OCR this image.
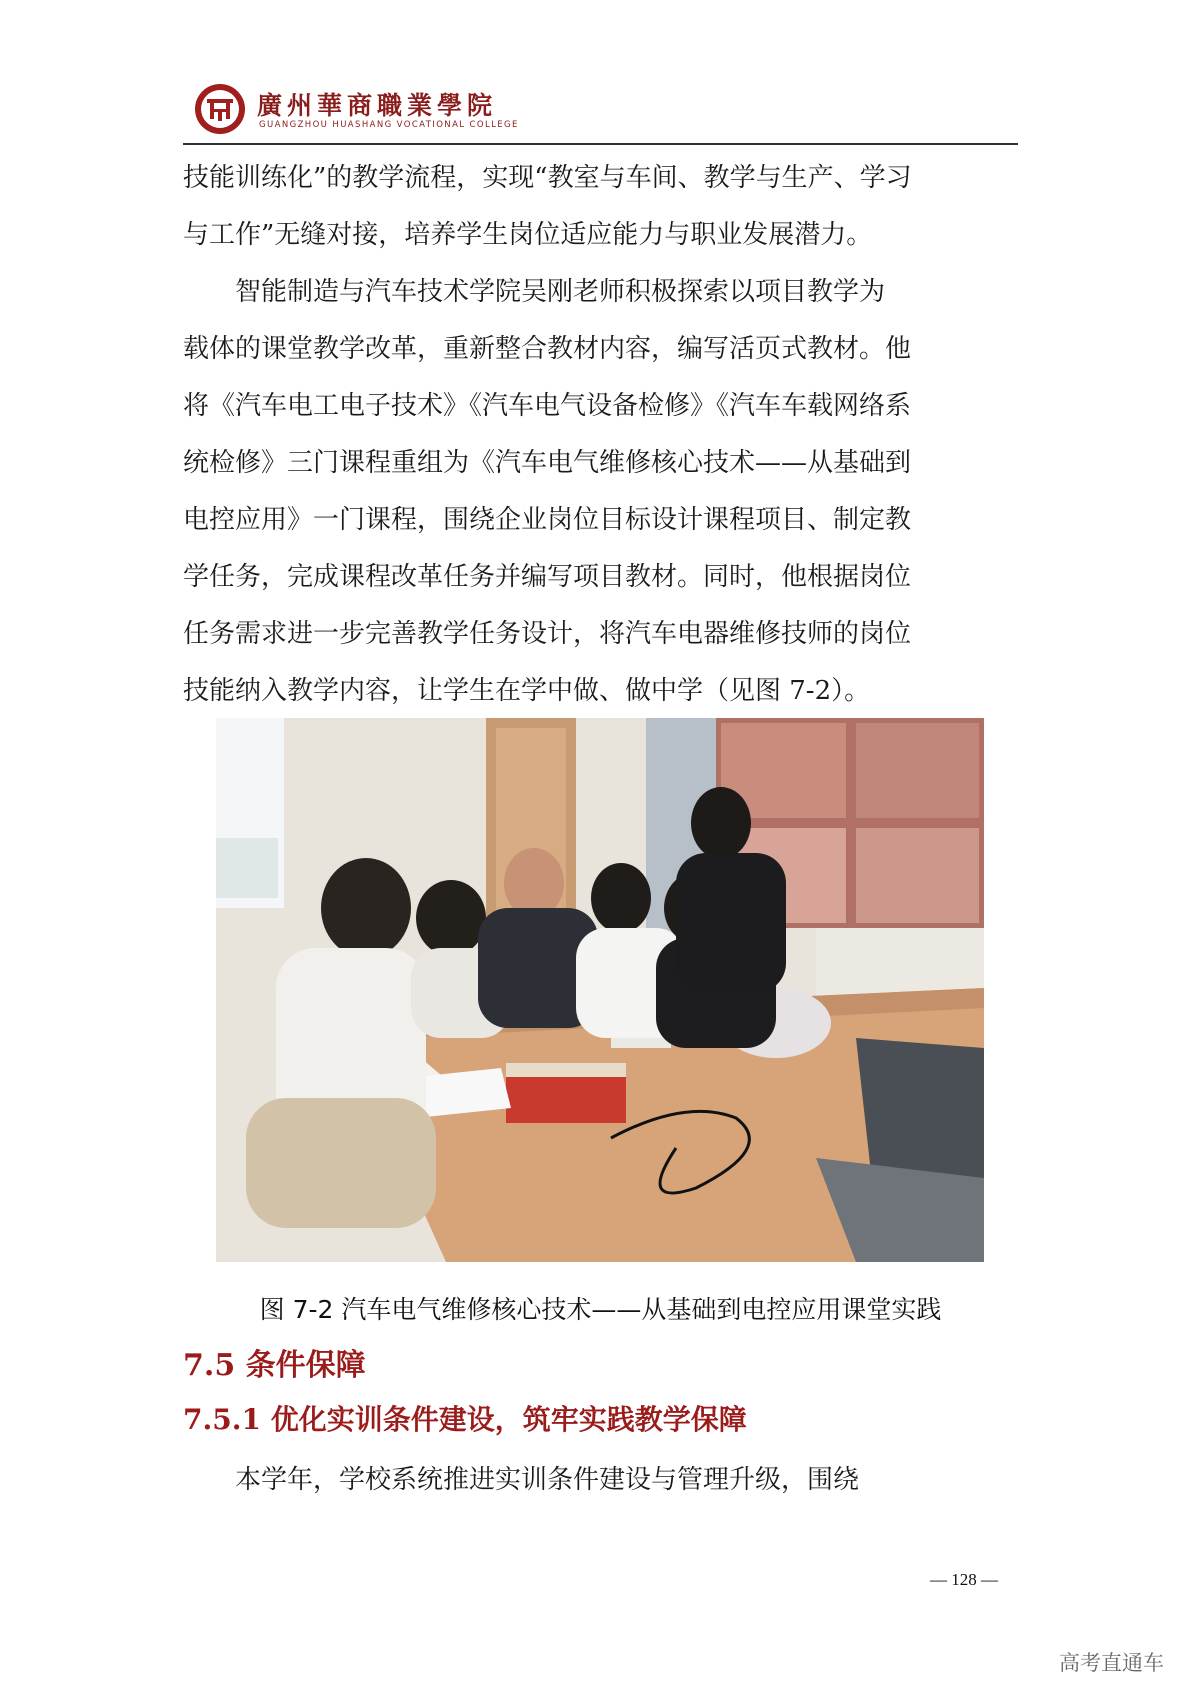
廣州華商職業學院
GUANGZHOU HUASHANG VOCATIONAL COLLEGE

技能训练化”的教学流程，实现“教室与车间、教学与生产、学习
与工作”无缝对接，培养学生岗位适应能力与职业发展潜力。

智能制造与汽车技术学院吴刚老师积极探索以项目教学为
载体的课堂教学改革，重新整合教材内容，编写活页式教材。他
将《汽车电工电子技术》《汽车电气设备检修》《汽车车载网络系
统检修》三门课程重组为《汽车电气维修核心技术——从基础到
电控应用》一门课程，围绕企业岗位目标设计课程项目、制定教
学任务，完成课程改革任务并编写项目教材。同时，他根据岗位
任务需求进一步完善教学任务设计，将汽车电器维修技师的岗位
技能纳入教学内容，让学生在学中做、做中学（见图 7-2）。

图 7-2 汽车电气维修核心技术——从基础到电控应用课堂实践
7.5 条件保障
7.5.1 优化实训条件建设，筑牢实践教学保障
本学年，学校系统推进实训条件建设与管理升级，围绕
— 128 —
高考直通车
